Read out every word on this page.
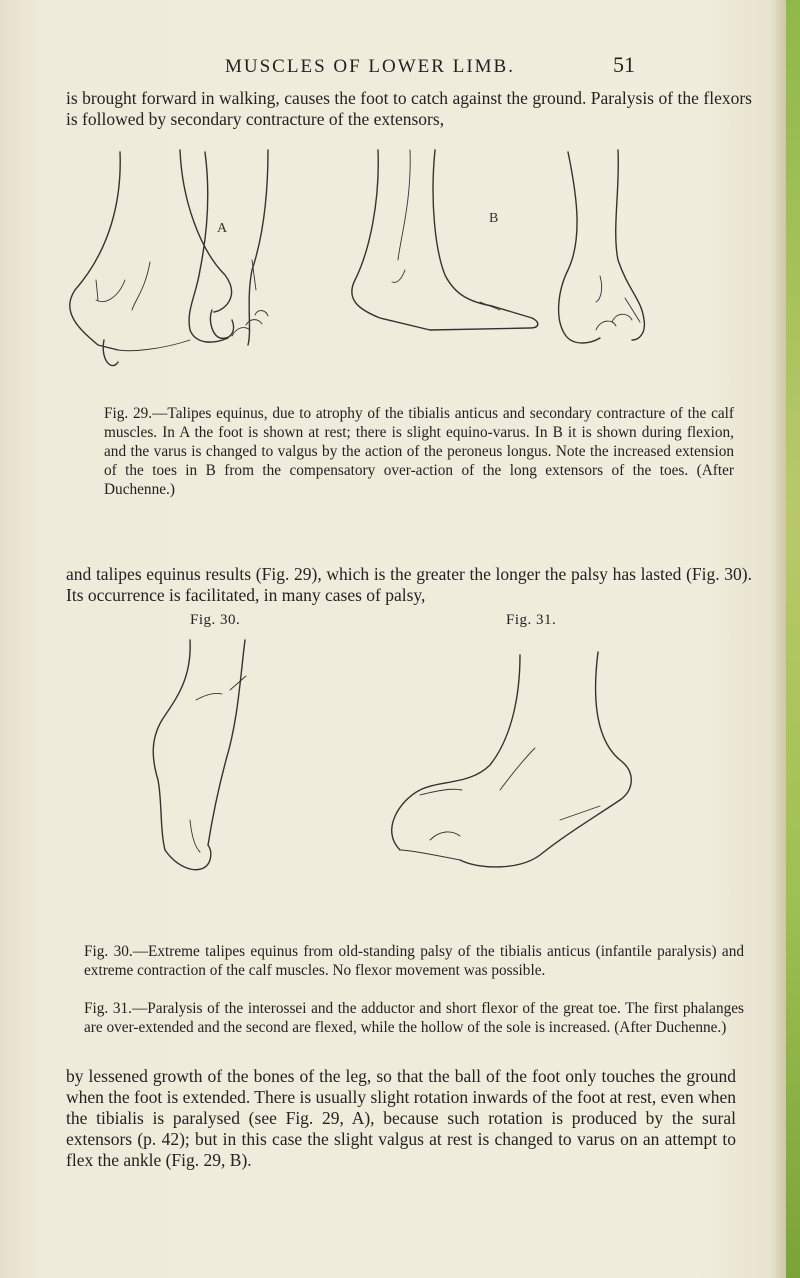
MUSCLES OF LOWER LIMB.	51

is brought forward in walking, causes the foot to catch against the ground. Paralysis of the flexors is followed by secondary contracture of the extensors,

A
B

Fig. 29.—Talipes equinus, due to atrophy of the tibialis anticus and secondary contracture of the calf muscles. In A the foot is shown at rest; there is slight equino-varus. In B it is shown during flexion, and the varus is changed to valgus by the action of the peroneus longus. Note the increased extension of the toes in B from the compensatory over-action of the long extensors of the toes. (After Duchenne.)

and talipes equinus results (Fig. 29), which is the greater the longer the palsy has lasted (Fig. 30). Its occurrence is facilitated, in many cases of palsy,

Fig. 30.	Fig. 31.

Fig. 30.—Extreme talipes equinus from old-standing palsy of the tibialis anticus (infantile paralysis) and extreme contraction of the calf muscles. No flexor movement was possible.

Fig. 31.—Paralysis of the interossei and the adductor and short flexor of the great toe. The first phalanges are over-extended and the second are flexed, while the hollow of the sole is increased. (After Duchenne.)

by lessened growth of the bones of the leg, so that the ball of the foot only touches the ground when the foot is extended. There is usually slight rotation inwards of the foot at rest, even when the tibialis is paralysed (see Fig. 29, A), because such rotation is produced by the sural extensors (p. 42); but in this case the slight valgus at rest is changed to varus on an attempt to flex the ankle (Fig. 29, B).
